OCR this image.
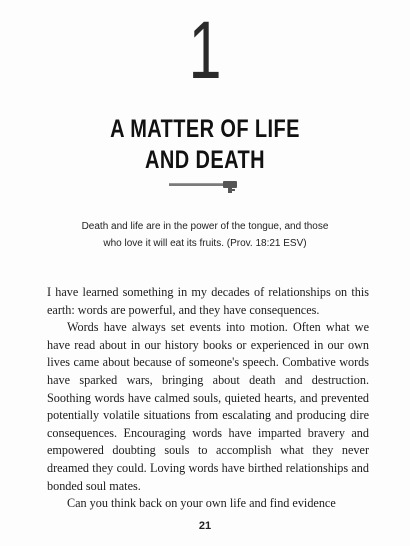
1
A MATTER OF LIFE
AND DEATH
Death and life are in the power of the tongue, and those
who love it will eat its fruits. (Prov. 18:21 ESV)

I have learned something in my decades of relationships on this earth: words are powerful, and they have consequences.

Words have always set events into motion. Often what we have read about in our history books or experienced in our own lives came about because of someone's speech. Combative words have sparked wars, bringing about death and destruction. Soothing words have calmed souls, quieted hearts, and prevented potentially volatile situations from escalating and producing dire consequences. Encouraging words have imparted bravery and empowered doubting souls to accomplish what they never dreamed they could. Loving words have birthed relationships and bonded soul mates.

Can you think back on your own life and find evidence

21
